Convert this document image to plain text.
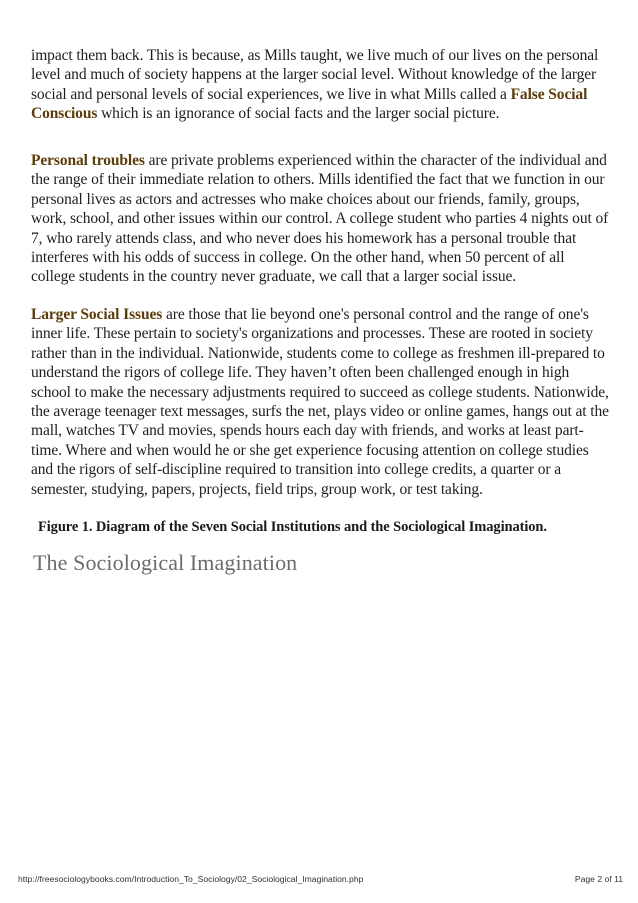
impact them back. This is because, as Mills taught, we live much of our lives on the personal level and much of society happens at the larger social level. Without knowledge of the larger social and personal levels of social experiences, we live in what Mills called a False Social Conscious which is an ignorance of social facts and the larger social picture.

Personal troubles are private problems experienced within the character of the individual and the range of their immediate relation to others. Mills identified the fact that we function in our personal lives as actors and actresses who make choices about our friends, family, groups, work, school, and other issues within our control. A college student who parties 4 nights out of 7, who rarely attends class, and who never does his homework has a personal trouble that interferes with his odds of success in college. On the other hand, when 50 percent of all college students in the country never graduate, we call that a larger social issue.

Larger Social Issues are those that lie beyond one's personal control and the range of one's inner life. These pertain to society's organizations and processes. These are rooted in society rather than in the individual. Nationwide, students come to college as freshmen ill-prepared to understand the rigors of college life. They haven’t often been challenged enough in high school to make the necessary adjustments required to succeed as college students. Nationwide, the average teenager text messages, surfs the net, plays video or online games, hangs out at the mall, watches TV and movies, spends hours each day with friends, and works at least part-time. Where and when would he or she get experience focusing attention on college studies and the rigors of self-discipline required to transition into college credits, a quarter or a semester, studying, papers, projects, field trips, group work, or test taking.

Figure 1. Diagram of the Seven Social Institutions and the Sociological Imagination.

The Sociological Imagination

http://freesociologybooks.com/Introduction_To_Sociology/02_Sociological_Imagination.php	Page 2 of 11
